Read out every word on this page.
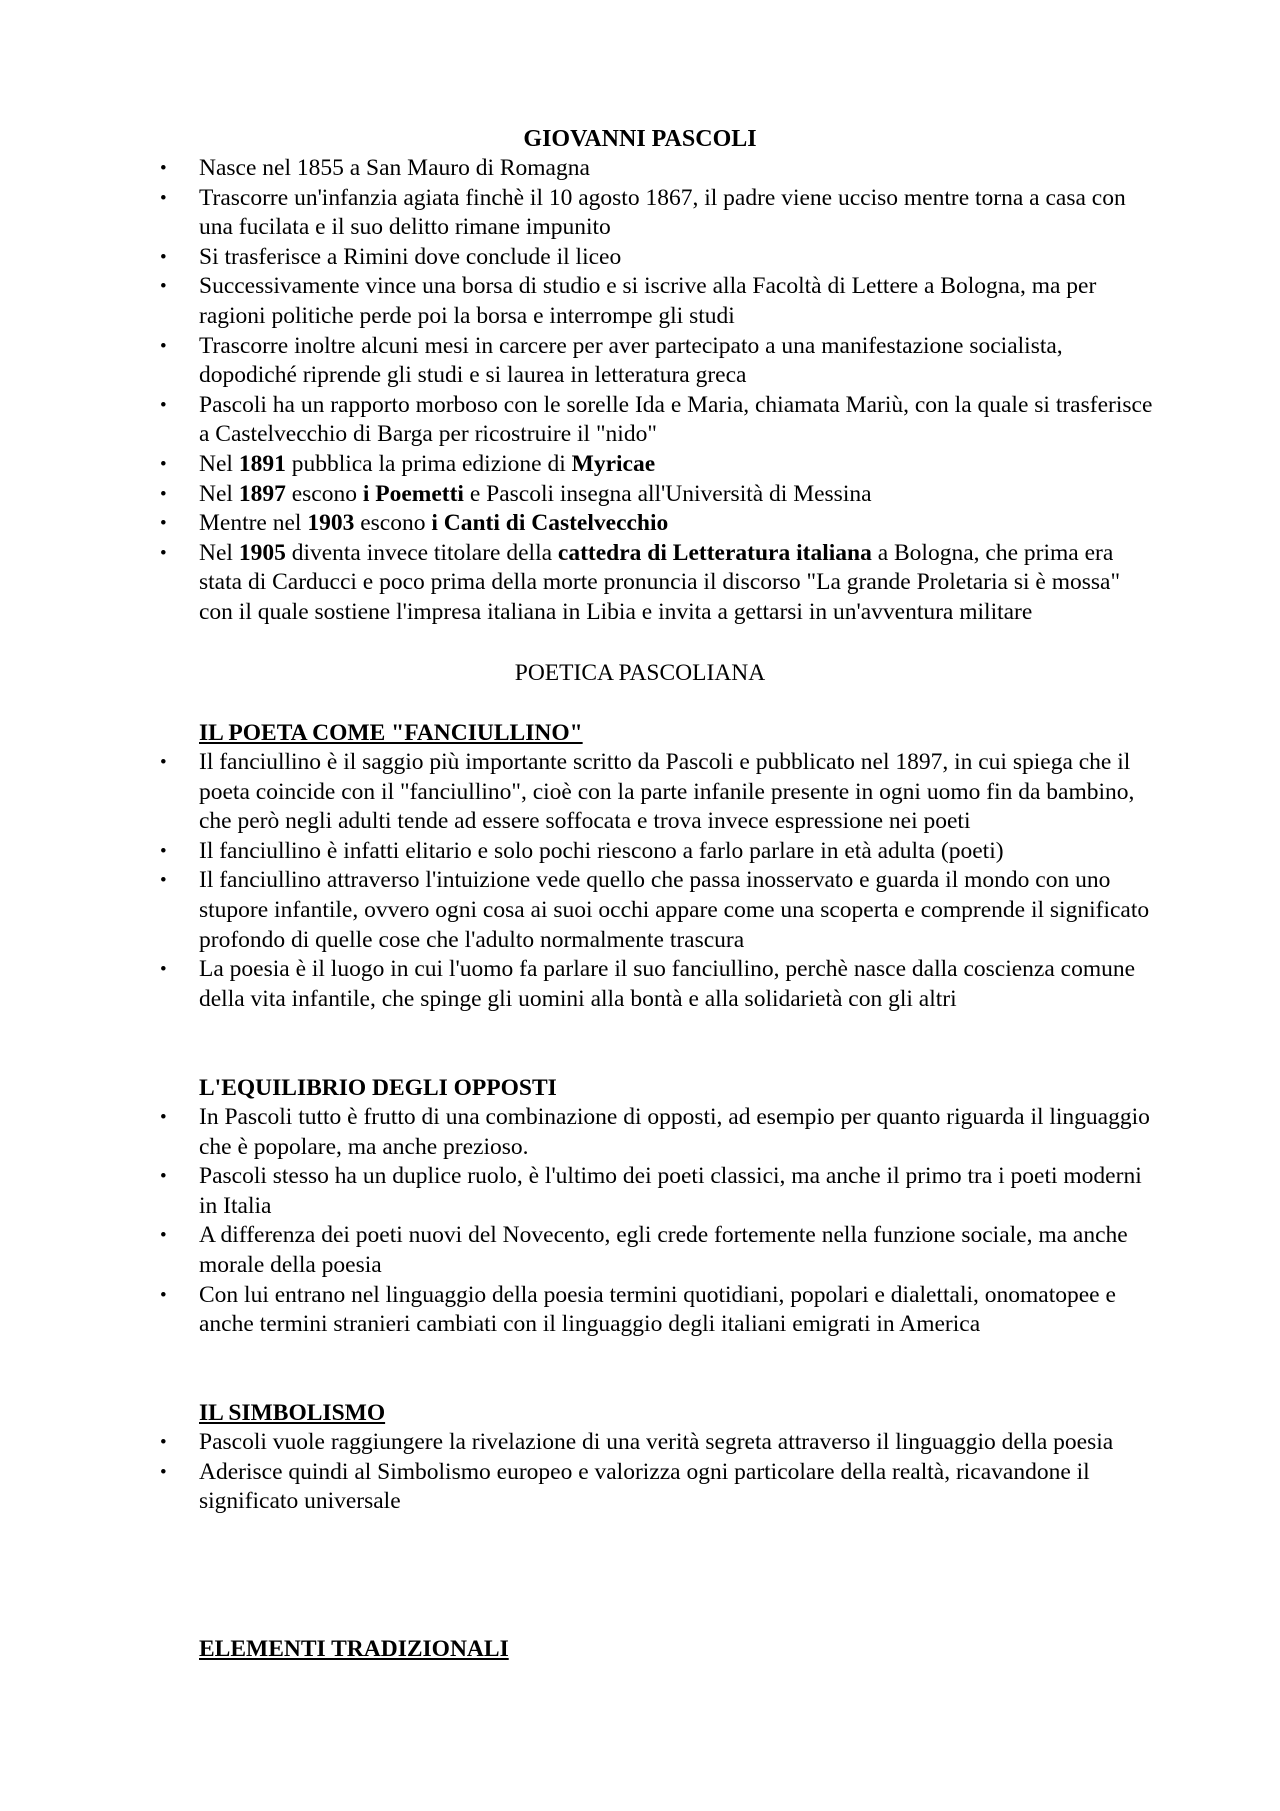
GIOVANNI PASCOLI
• Nasce nel 1855 a San Mauro di Romagna
• Trascorre un'infanzia agiata finchè il 10 agosto 1867, il padre viene ucciso mentre torna a casa con una fucilata e il suo delitto rimane impunito
• Si trasferisce a Rimini dove conclude il liceo
• Successivamente vince una borsa di studio e si iscrive alla Facoltà di Lettere a Bologna, ma per ragioni politiche perde poi la borsa e interrompe gli studi
• Trascorre inoltre alcuni mesi in carcere per aver partecipato a una manifestazione socialista, dopodiché riprende gli studi e si laurea in letteratura greca
• Pascoli ha un rapporto morboso con le sorelle Ida e Maria, chiamata Mariù, con la quale si trasferisce a Castelvecchio di Barga per ricostruire il "nido"
• Nel 1891 pubblica la prima edizione di Myricae
• Nel 1897 escono i Poemetti e Pascoli insegna all'Università di Messina
• Mentre nel 1903 escono i Canti di Castelvecchio
• Nel 1905 diventa invece titolare della cattedra di Letteratura italiana a Bologna, che prima era stata di Carducci e poco prima della morte pronuncia il discorso "La grande Proletaria si è mossa" con il quale sostiene l'impresa italiana in Libia e invita a gettarsi in un'avventura militare
POETICA PASCOLIANA
IL POETA COME "FANCIULLINO"
• Il fanciullino è il saggio più importante scritto da Pascoli e pubblicato nel 1897, in cui spiega che il poeta coincide con il "fanciullino", cioè con la parte infanile presente in ogni uomo fin da bambino, che però negli adulti tende ad essere soffocata e trova invece espressione nei poeti
• Il fanciullino è infatti elitario e solo pochi riescono a farlo parlare in età adulta (poeti)
• Il fanciullino attraverso l'intuizione vede quello che passa inosservato e guarda il mondo con uno stupore infantile, ovvero ogni cosa ai suoi occhi appare come una scoperta e comprende il significato profondo di quelle cose che l'adulto normalmente trascura
• La poesia è il luogo in cui l'uomo fa parlare il suo fanciullino, perchè nasce dalla coscienza comune della vita infantile, che spinge gli uomini alla bontà e alla solidarietà con gli altri
L'EQUILIBRIO DEGLI OPPOSTI
• In Pascoli tutto è frutto di una combinazione di opposti, ad esempio per quanto riguarda il linguaggio che è popolare, ma anche prezioso.
• Pascoli stesso ha un duplice ruolo, è l'ultimo dei poeti classici, ma anche il primo tra i poeti moderni in Italia
• A differenza dei poeti nuovi del Novecento, egli crede fortemente nella funzione sociale, ma anche morale della poesia
• Con lui entrano nel linguaggio della poesia termini quotidiani, popolari e dialettali, onomatopee e anche termini stranieri cambiati con il linguaggio degli italiani emigrati in America
IL SIMBOLISMO
• Pascoli vuole raggiungere la rivelazione di una verità segreta attraverso il linguaggio della poesia
• Aderisce quindi al Simbolismo europeo e valorizza ogni particolare della realtà, ricavandone il significato universale
ELEMENTI TRADIZIONALI
